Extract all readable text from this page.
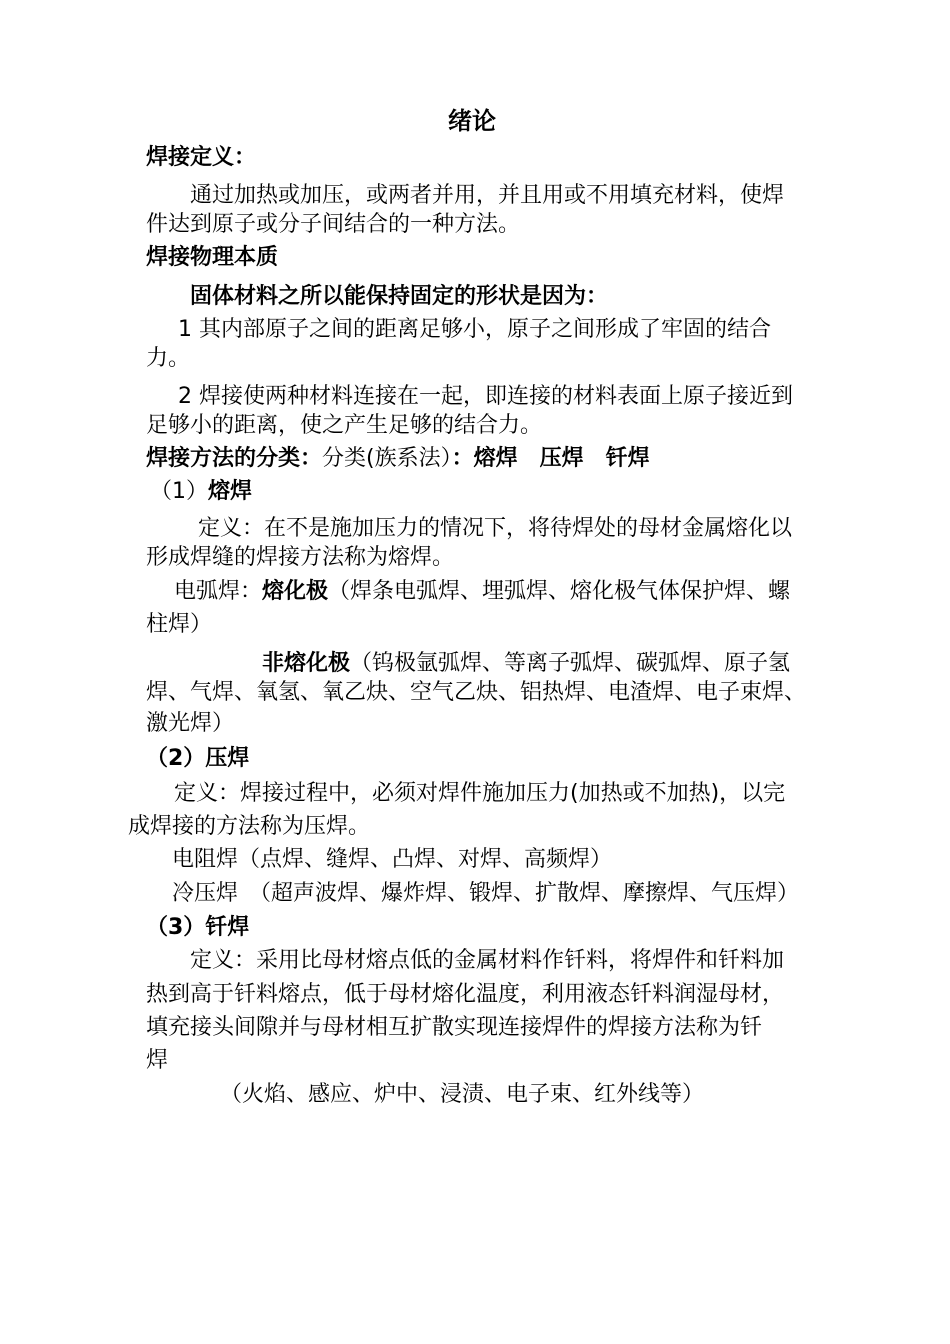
绪论
焊接定义：
通过加热或加压，或两者并用，并且用或不用填充材料，使焊
件达到原子或分子间结合的一种方法。
焊接物理本质
固体材料之所以能保持固定的形状是因为：
1 其内部原子之间的距离足够小，原子之间形成了牢固的结合
力。
2 焊接使两种材料连接在一起，即连接的材料表面上原子接近到
足够小的距离，使之产生足够的结合力。
焊接方法的分类：分类(族系法）：熔焊　压焊　钎焊
（1）熔焊
定义：在不是施加压力的情况下，将待焊处的母材金属熔化以
形成焊缝的焊接方法称为熔焊。
电弧焊：熔化极（焊条电弧焊、埋弧焊、熔化极气体保护焊、螺
柱焊）
非熔化极（钨极氩弧焊、等离子弧焊、碳弧焊、原子氢
焊、气焊、氧氢、氧乙炔、空气乙炔、铝热焊、电渣焊、电子束焊、
激光焊）
（2）压焊
定义：焊接过程中，必须对焊件施加压力(加热或不加热)，以完
成焊接的方法称为压焊。
电阻焊（点焊、缝焊、凸焊、对焊、高频焊）
冷压焊　（超声波焊、爆炸焊、锻焊、扩散焊、摩擦焊、气压焊）
（3）钎焊
定义：采用比母材熔点低的金属材料作钎料，将焊件和钎料加
热到高于钎料熔点，低于母材熔化温度，利用液态钎料润湿母材，
填充接头间隙并与母材相互扩散实现连接焊件的焊接方法称为钎
焊
（火焰、感应、炉中、浸渍、电子束、红外线等）
